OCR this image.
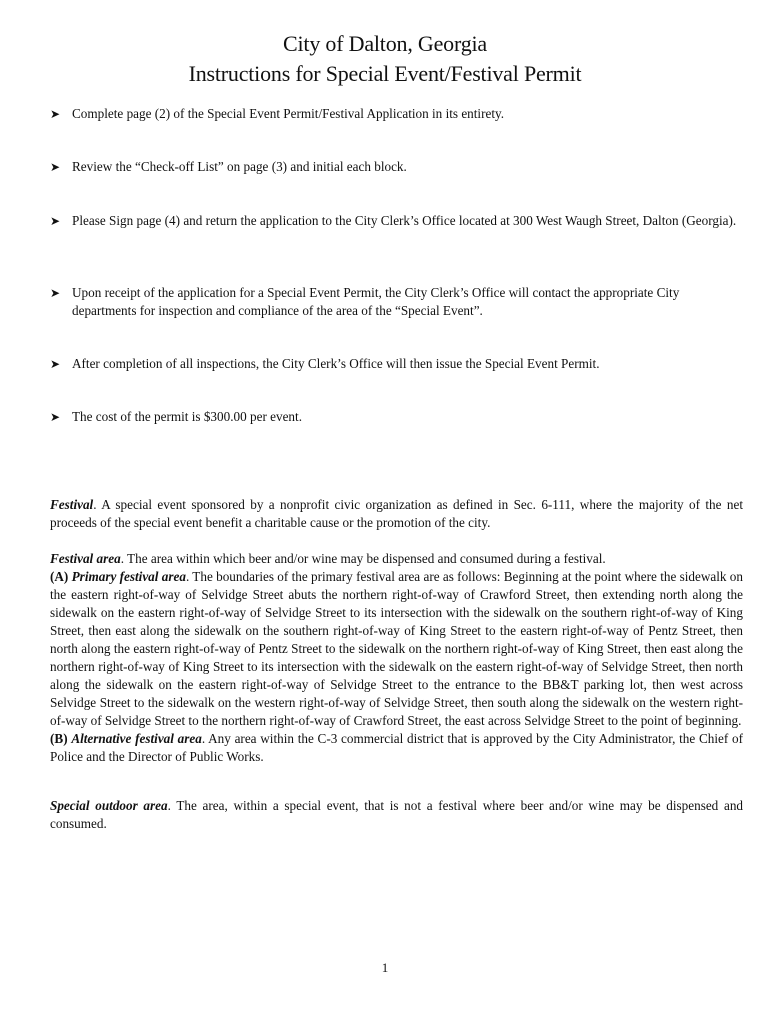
City of Dalton, Georgia
Instructions for Special Event/Festival Permit
➤ Complete page (2) of the Special Event Permit/Festival Application in its entirety.
➤ Review the “Check-off List” on page (3) and initial each block.
➤ Please Sign page (4) and return the application to the City Clerk’s Office located at 300 West Waugh Street, Dalton (Georgia).
➤ Upon receipt of the application for a Special Event Permit, the City Clerk’s Office will contact the appropriate City departments for inspection and compliance of the area of the “Special Event”.
➤ After completion of all inspections, the City Clerk’s Office will then issue the Special Event Permit.
➤ The cost of the permit is $300.00 per event.

Festival. A special event sponsored by a nonprofit civic organization as defined in Sec. 6-111, where the majority of the net proceeds of the special event benefit a charitable cause or the promotion of the city.

Festival area. The area within which beer and/or wine may be dispensed and consumed during a festival.

(A) Primary festival area. The boundaries of the primary festival area are as follows: Beginning at the point where the sidewalk on the eastern right-of-way of Selvidge Street abuts the northern right-of-way of Crawford Street, then extending north along the sidewalk on the eastern right-of-way of Selvidge Street to its intersection with the sidewalk on the southern right-of-way of King Street, then east along the sidewalk on the southern right-of-way of King Street to the eastern right-of-way of Pentz Street, then north along the eastern right-of-way of Pentz Street to the sidewalk on the northern right-of-way of King Street, then east along the northern right-of-way of King Street to its intersection with the sidewalk on the eastern right-of-way of Selvidge Street, then north along the sidewalk on the eastern right-of-way of Selvidge Street to the entrance to the BB&T parking lot, then west across Selvidge Street to the sidewalk on the western right-of-way of Selvidge Street, then south along the sidewalk on the western right-of-way of Selvidge Street to the northern right-of-way of Crawford Street, the east across Selvidge Street to the point of beginning.

(B) Alternative festival area. Any area within the C-3 commercial district that is approved by the City Administrator, the Chief of Police and the Director of Public Works.

Special outdoor area. The area, within a special event, that is not a festival where beer and/or wine may be dispensed and consumed.

1
